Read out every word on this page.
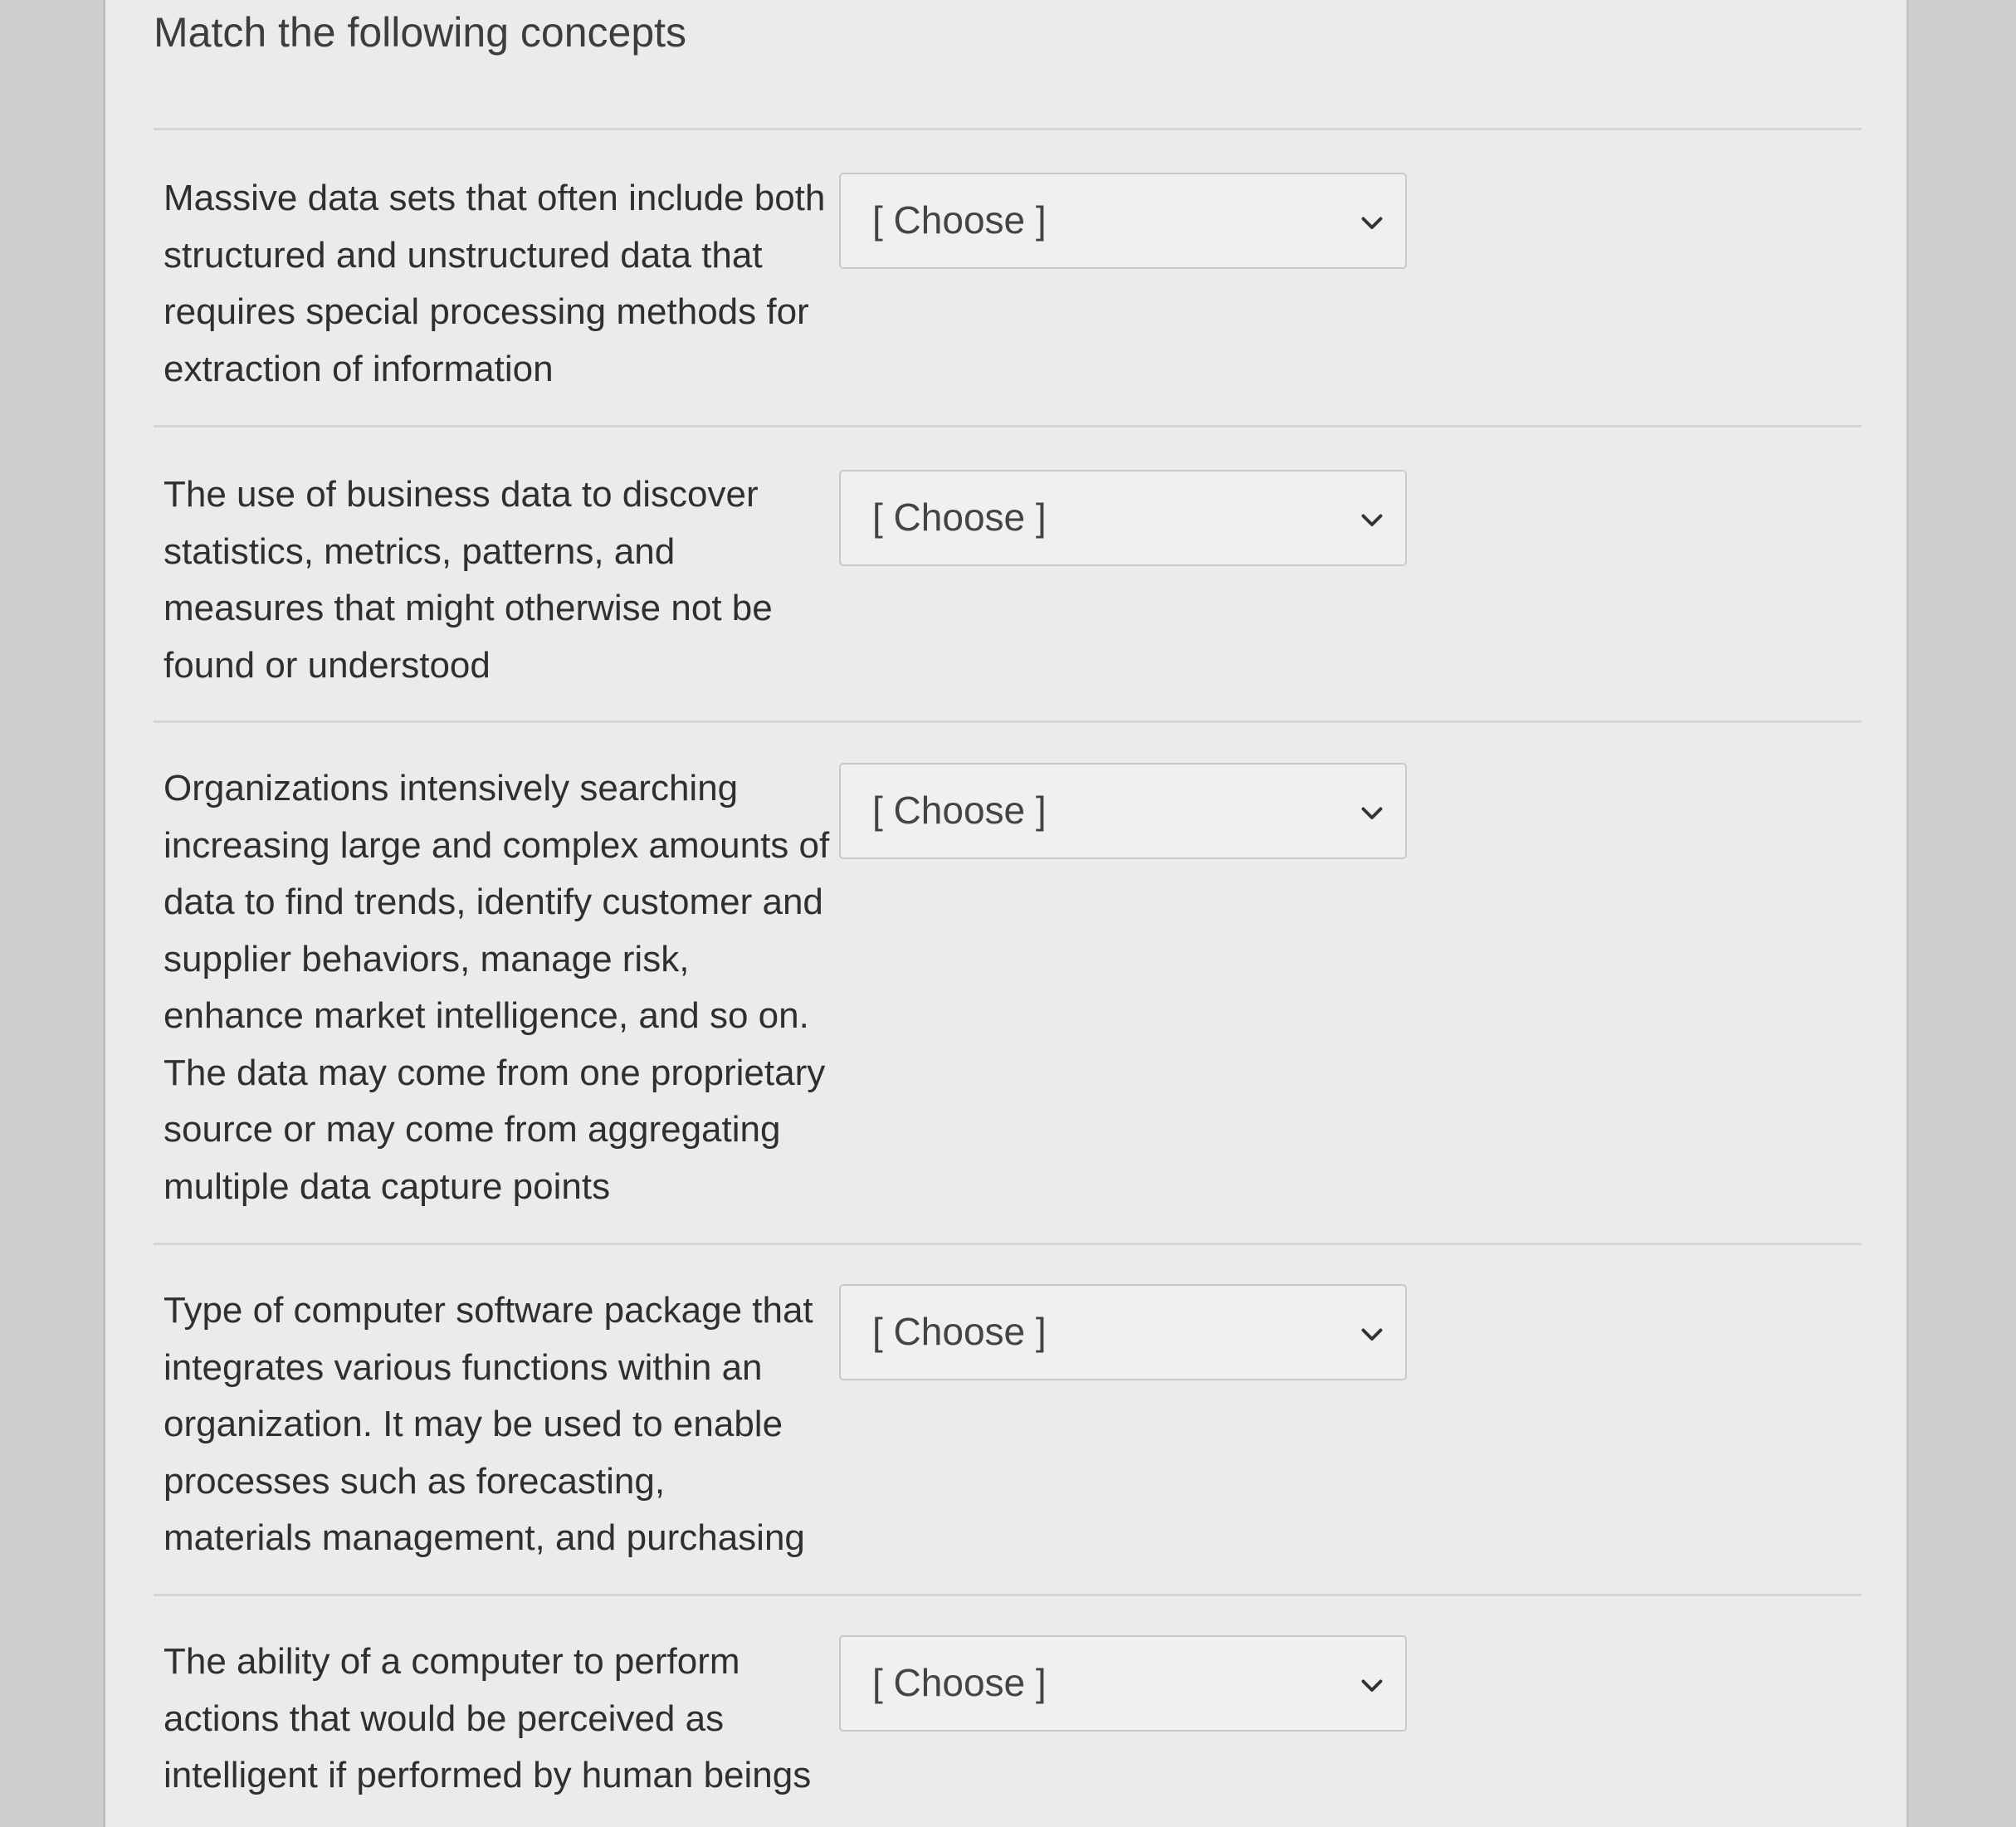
Match the following concepts

Massive data sets that often include both structured and unstructured data that requires special processing methods for extraction of information

[ Choose ]

The use of business data to discover statistics, metrics, patterns, and measures that might otherwise not be found or understood

[ Choose ]

Organizations intensively searching increasing large and complex amounts of data to find trends, identify customer and supplier behaviors, manage risk, enhance market intelligence, and so on. The data may come from one proprietary source or may come from aggregating multiple data capture points

[ Choose ]

Type of computer software package that integrates various functions within an organization. It may be used to enable processes such as forecasting, materials management, and purchasing

[ Choose ]

The ability of a computer to perform actions that would be perceived as intelligent if performed by human beings

[ Choose ]
